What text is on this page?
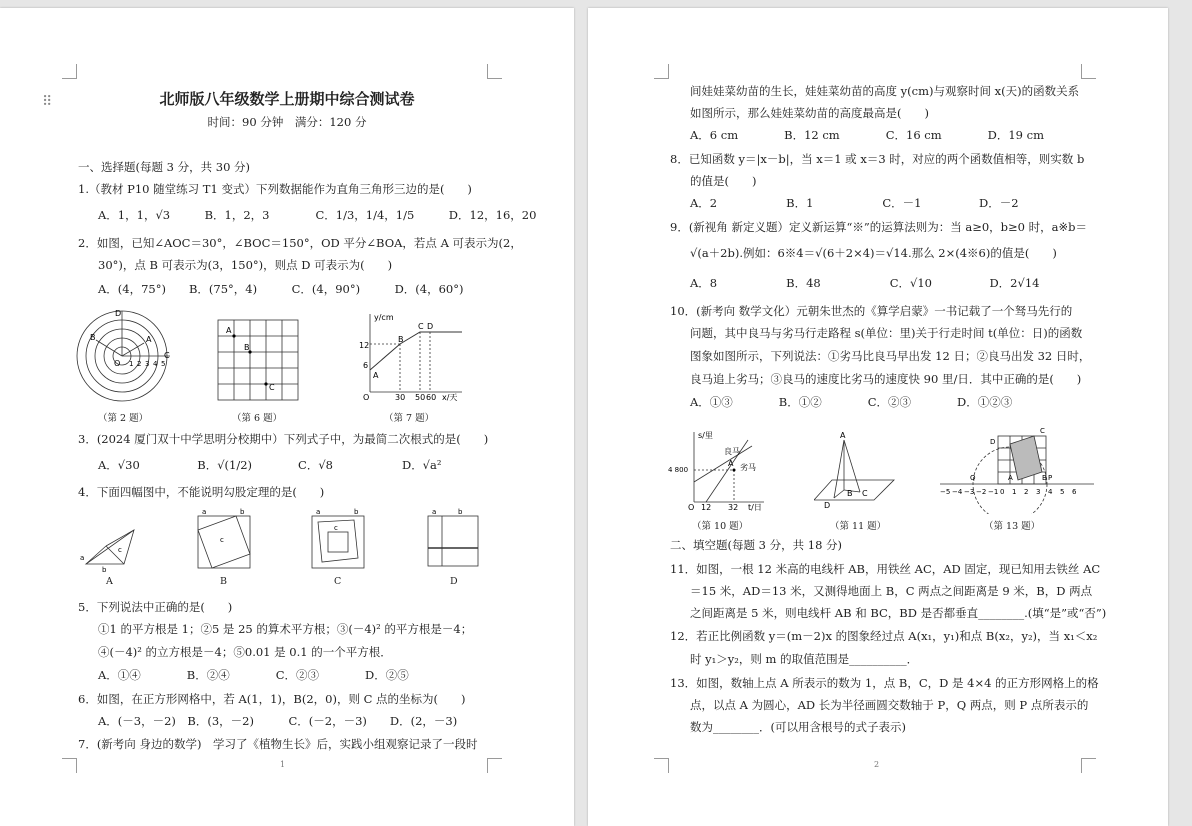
⠿	北师版八年级数学上册期中综合测试卷
时间：90 分钟　满分：120 分
一、选择题(每题 3 分，共 30 分)
1.（教材 P10 随堂练习 T1 变式）下列数据能作为直角三角形三边的是(　　)
A．1，1，√3　　　B．1，2，3　　　　C．1/3，1/4，1/5　　　D．12，16，20
2．如图，已知∠AOC＝30°，∠BOC＝150°，OD 平分∠BOA，若点 A 可表示为(2，
30°)，点 B 可表示为(3，150°)，则点 D 可表示为(　　)
A．(4，75°)　　B．(75°，4)　　　C．(4，90°)　　　D．(4，60°)
D
B
O 1 2 3 4 5
C
A
A
B
C
y/cm
12
6
A
B
C D
O	30 50 60 x/天
（第 2 题）	（第 6 题）	（第 7 题）
3．(2024 厦门双十中学思明分校期中）下列式子中，为最简二次根式的是(　　)
A．√30　　　　　B．√(1/2)　　　　C．√8　　　　　　D．√a²
4．下面四幅图中，不能说明勾股定理的是(　　)
a
b
c
a	b
c
a	b
c
a	b
A	B	C	D
5．下列说法中正确的是(　　)
①1 的平方根是 1；②5 是 25 的算术平方根；③(－4)² 的平方根是－4；
④(－4)² 的立方根是－4；⑤0.01 是 0.1 的一个平方根．
A．①④　　　　B．②④　　　　C．②③　　　　D．②⑤
6．如图，在正方形网格中，若 A(1，1)，B(2，0)，则 C 点的坐标为(　　)
A．(－3，－2)　B．(3，－2)　　　C．(－2，－3)　　D．(2，－3)
7．(新考向 身边的数学)　学习了《植物生长》后，实践小组观察记录了一段时
1
间娃娃菜幼苗的生长，娃娃菜幼苗的高度 y(cm)与观察时间 x(天)的函数关系
如图所示，那么娃娃菜幼苗的高度最高是(　　)
A．6 cm　　　　B．12 cm　　　　C．16 cm　　　　D．19 cm
8．已知函数 y＝|x－b|，当 x＝1 或 x＝3 时，对应的两个函数值相等，则实数 b
的值是(　　)
A．2　　　　　　B．1　　　　　　C．－1　　　　　D．－2
9．(新视角 新定义题）定义新运算“※”的运算法则为：当 a≥0，b≥0 时，a※b＝
√(a＋2b).例如：6※4＝√(6＋2×4)＝√14.那么 2×(4※6)的值是(　　)
A．8　　　　　　B．48　　　　　　C．√10　　　　　D．2√14
10．(新考向 数学文化）元朝朱世杰的《算学启蒙》一书记载了一个驽马先行的
问题，其中良马与劣马行走路程 s(单位：里)关于行走时间 t(单位：日)的函数
图象如图所示，下列说法：①劣马比良马早出发 12 日；②良马出发 32 日时，
良马追上劣马；③良马的速度比劣马的速度快 90 里/日．其中正确的是(　　)
A．①③　　　　B．①②　　　　C．②③　　　　D．①②③
s/里
4 800
良马
劣马
A
O 12 32 t/日
A
D
B C
C
D
Q	A	P
B
−5 −4 −3 −2 −1 0 1 2 3 4 5 6
（第 10 题）	（第 11 题）	（第 13 题）
二、填空题(每题 3 分，共 18 分)
11．如图，一根 12 米高的电线杆 AB，用铁丝 AC，AD 固定，现已知用去铁丝 AC
＝15 米，AD＝13 米，又测得地面上 B，C 两点之间距离是 9 米，B，D 两点
之间距离是 5 米，则电线杆 AB 和 BC，BD 是否都垂直________.(填“是”或“否”)
12．若正比例函数 y＝(m－2)x 的图象经过点 A(x₁，y₁)和点 B(x₂，y₂)，当 x₁＜x₂
时 y₁＞y₂，则 m 的取值范围是__________．
13．如图，数轴上点 A 所表示的数为 1，点 B，C，D 是 4×4 的正方形网格上的格
点，以点 A 为圆心，AD 长为半径画圆交数轴于 P，Q 两点，则 P 点所表示的
数为________．(可以用含根号的式子表示)
2
